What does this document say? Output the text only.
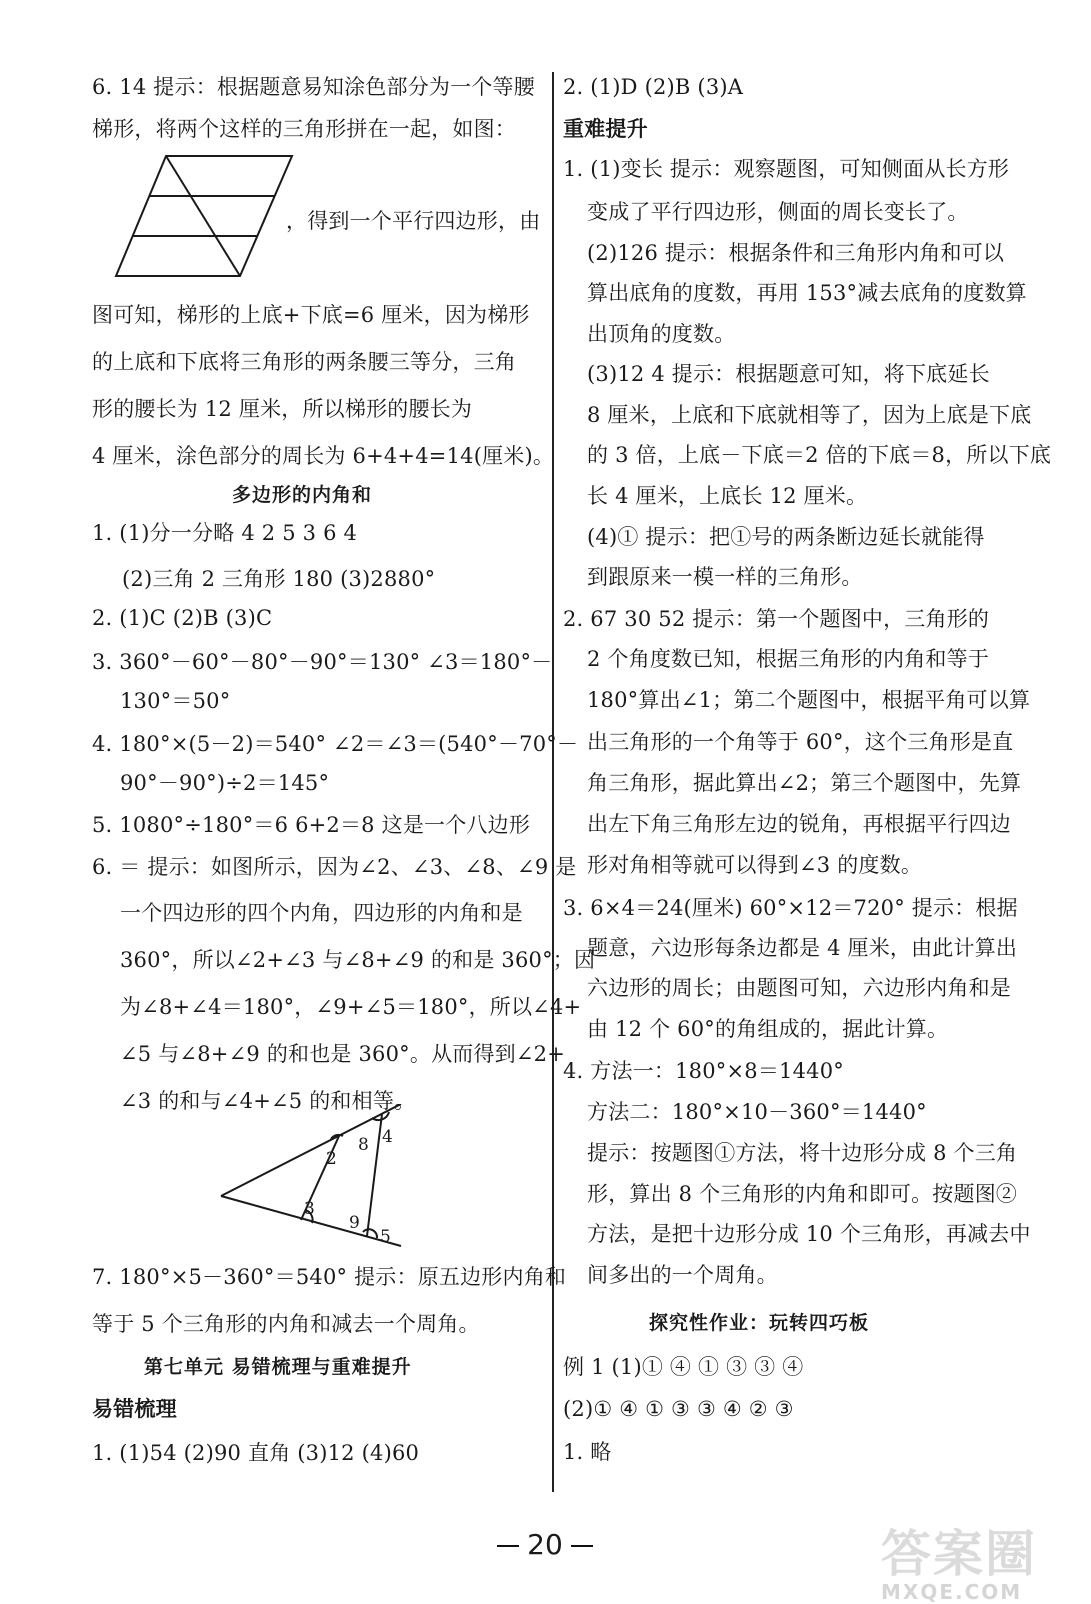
6. 14 提示：根据题意易知涂色部分为一个等腰
梯形，将两个这样的三角形拼在一起，如图：
，得到一个平行四边形，由
图可知，梯形的上底+下底=6 厘米，因为梯形
的上底和下底将三角形的两条腰三等分，三角
形的腰长为 12 厘米，所以梯形的腰长为
4 厘米，涂色部分的周长为 6+4+4=14(厘米)。
多边形的内角和
1. (1)分一分略 4 2 5 3 6 4
(2)三角 2 三角形 180 (3)2880°
2. (1)C (2)B (3)C
3. 360°－60°－80°－90°＝130° ∠3＝180°－
130°＝50°
4. 180°×(5－2)＝540° ∠2＝∠3＝(540°－70°－
90°－90°)÷2＝145°
5. 1080°÷180°＝6 6+2＝8 这是一个八边形
6. ＝ 提示：如图所示，因为∠2、∠3、∠8、∠9 是
一个四边形的四个内角，四边形的内角和是
360°，所以∠2+∠3 与∠8+∠9 的和是 360°；因
为∠8+∠4＝180°，∠9+∠5＝180°，所以∠4+
∠5 与∠8+∠9 的和也是 360°。从而得到∠2+
∠3 的和与∠4+∠5 的和相等。
2
3
8 4
9
5
7. 180°×5－360°＝540° 提示：原五边形内角和
等于 5 个三角形的内角和减去一个周角。
第七单元 易错梳理与重难提升
易错梳理
1. (1)54 (2)90 直角 (3)12 (4)60
2. (1)D (2)B (3)A
重难提升
1. (1)变长 提示：观察题图，可知侧面从长方形
变成了平行四边形，侧面的周长变长了。
(2)126 提示：根据条件和三角形内角和可以
算出底角的度数，再用 153°减去底角的度数算
出顶角的度数。
(3)12 4 提示：根据题意可知，将下底延长
8 厘米，上底和下底就相等了，因为上底是下底
的 3 倍，上底－下底＝2 倍的下底＝8，所以下底
长 4 厘米，上底长 12 厘米。
(4)① 提示：把①号的两条断边延长就能得
到跟原来一模一样的三角形。
2. 67 30 52 提示：第一个题图中，三角形的
2 个角度数已知，根据三角形的内角和等于
180°算出∠1；第二个题图中，根据平角可以算
出三角形的一个角等于 60°，这个三角形是直
角三角形，据此算出∠2；第三个题图中，先算
出左下角三角形左边的锐角，再根据平行四边
形对角相等就可以得到∠3 的度数。
3. 6×4＝24(厘米) 60°×12＝720° 提示：根据
题意，六边形每条边都是 4 厘米，由此计算出
六边形的周长；由题图可知，六边形内角和是
由 12 个 60°的角组成的，据此计算。
4. 方法一：180°×8＝1440°
方法二：180°×10－360°＝1440°
提示：按题图①方法，将十边形分成 8 个三角
形，算出 8 个三角形的内角和即可。按题图②
方法，是把十边形分成 10 个三角形，再减去中
间多出的一个周角。
探究性作业：玩转四巧板
例 1 (1)① ④ ① ③ ③ ④
(2)① ④ ① ③ ③ ④ ② ③
1. 略
20	答案圈
MXQE.COM
